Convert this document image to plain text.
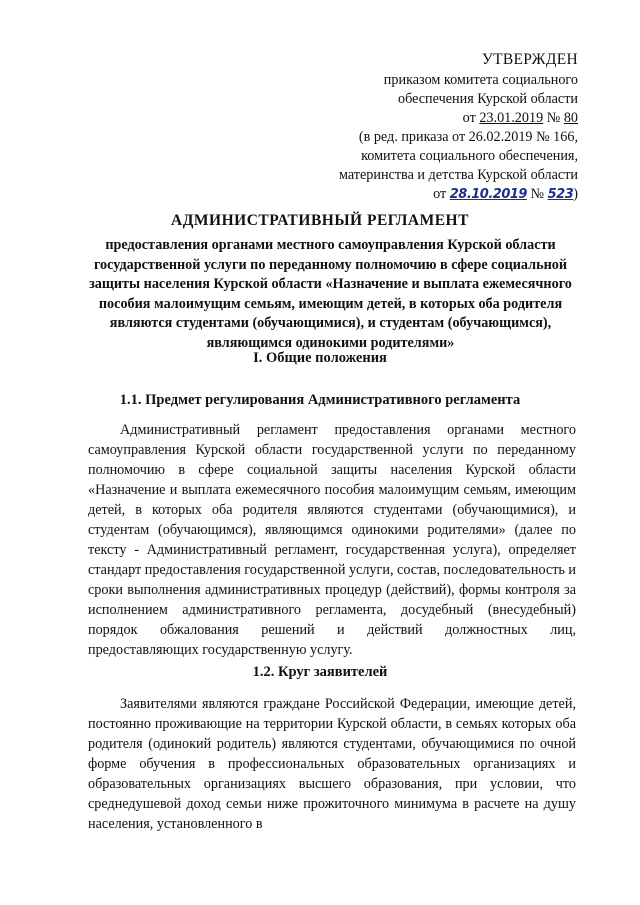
УТВЕРЖДЕН
приказом комитета социального
обеспечения Курской области
от 23.01.2019 № 80
(в ред. приказа от 26.02.2019 № 166,
комитета социального обеспечения,
материнства и детства Курской области
от 28.10.2019 № 523)
АДМИНИСТРАТИВНЫЙ РЕГЛАМЕНТ
предоставления органами местного самоуправления Курской области государственной услуги по переданному полномочию в сфере социальной защиты населения Курской области «Назначение и выплата ежемесячного пособия малоимущим семьям, имеющим детей, в которых оба родителя являются студентами (обучающимися), и студентам (обучающимся), являющимся одинокими родителями»
I. Общие положения
1.1. Предмет регулирования Административного регламента
Административный регламент предоставления органами местного самоуправления Курской области государственной услуги по переданному полномочию в сфере социальной защиты населения Курской области «Назначение и выплата ежемесячного пособия малоимущим семьям, имеющим детей, в которых оба родителя являются студентами (обучающимися), и студентам (обучающимся), являющимся одинокими родителями» (далее по тексту - Административный регламент, государственная услуга), определяет стандарт предоставления государственной услуги, состав, последовательность и сроки выполнения административных процедур (действий), формы контроля за исполнением административного регламента, досудебный (внесудебный) порядок обжалования решений и действий должностных лиц, предоставляющих государственную услугу.
1.2. Круг заявителей
Заявителями являются граждане Российской Федерации, имеющие детей, постоянно проживающие на территории Курской области, в семьях которых оба родителя (одинокий родитель) являются студентами, обучающимися по очной форме обучения в профессиональных образовательных организациях и образовательных организациях высшего образования, при условии, что среднедушевой доход семьи ниже прожиточного минимума в расчете на душу населения, установленного в
